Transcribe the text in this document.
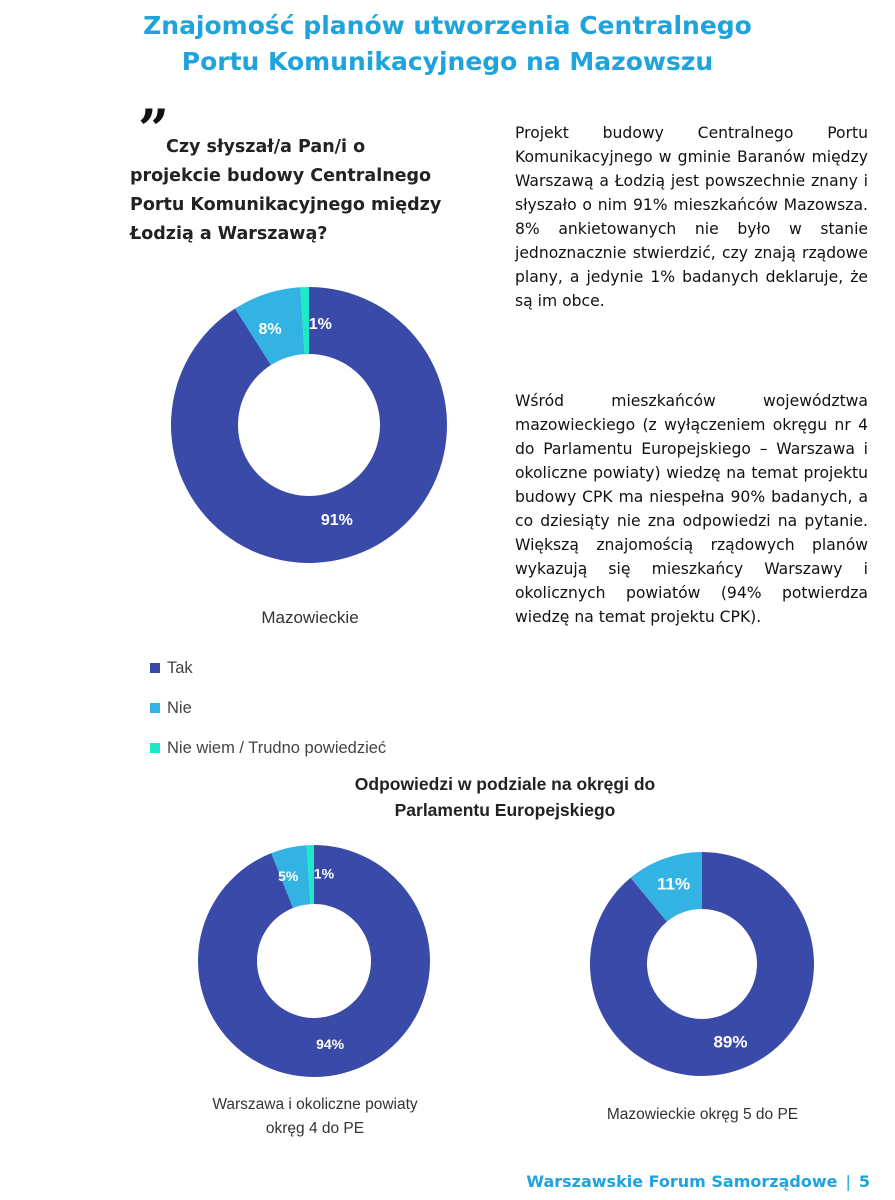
Znajomość planów utworzenia Centralnego
Portu Komunikacyjnego na Mazowszu
”

Czy słyszał/a Pan/i o projekcie budowy Centralnego Portu Komunikacyjnego między Łodzią a Warszawą?

Projekt budowy Centralnego Portu Komunikacyjnego w gminie Baranów między Warszawą a Łodzią jest powszechnie znany i słyszało o nim 91% mieszkańców Mazowsza. 8% ankietowanych nie było w stanie jednoznacznie stwierdzić, czy znają rządowe plany, a jedynie 1% badanych deklaruje, że są im obce.

Wśród mieszkańców województwa mazowieckiego (z wyłączeniem okręgu nr 4 do Parlamentu Europejskiego – Warszawa i okoliczne powiaty) wiedzę na temat projektu budowy CPK ma niespełna 90% badanych, a co dziesiąty nie zna odpowiedzi na pytanie. Większą znajomością rządowych planów wykazują się mieszkańcy Warszawy i okolicznych powiatów (94% potwierdza wiedzę na temat projektu CPK).

91%
8% 1%

Mazowieckie

Tak
Nie
Nie wiem / Trudno powiedzieć

Odpowiedzi w podziale na okręgi do
Parlamentu Europejskiego

94%
5% 1%

Warszawa i okoliczne powiaty
okręg 4 do PE

89%
11%

Mazowieckie okręg 5 do PE

Warszawskie Forum Samorządowe | 5
